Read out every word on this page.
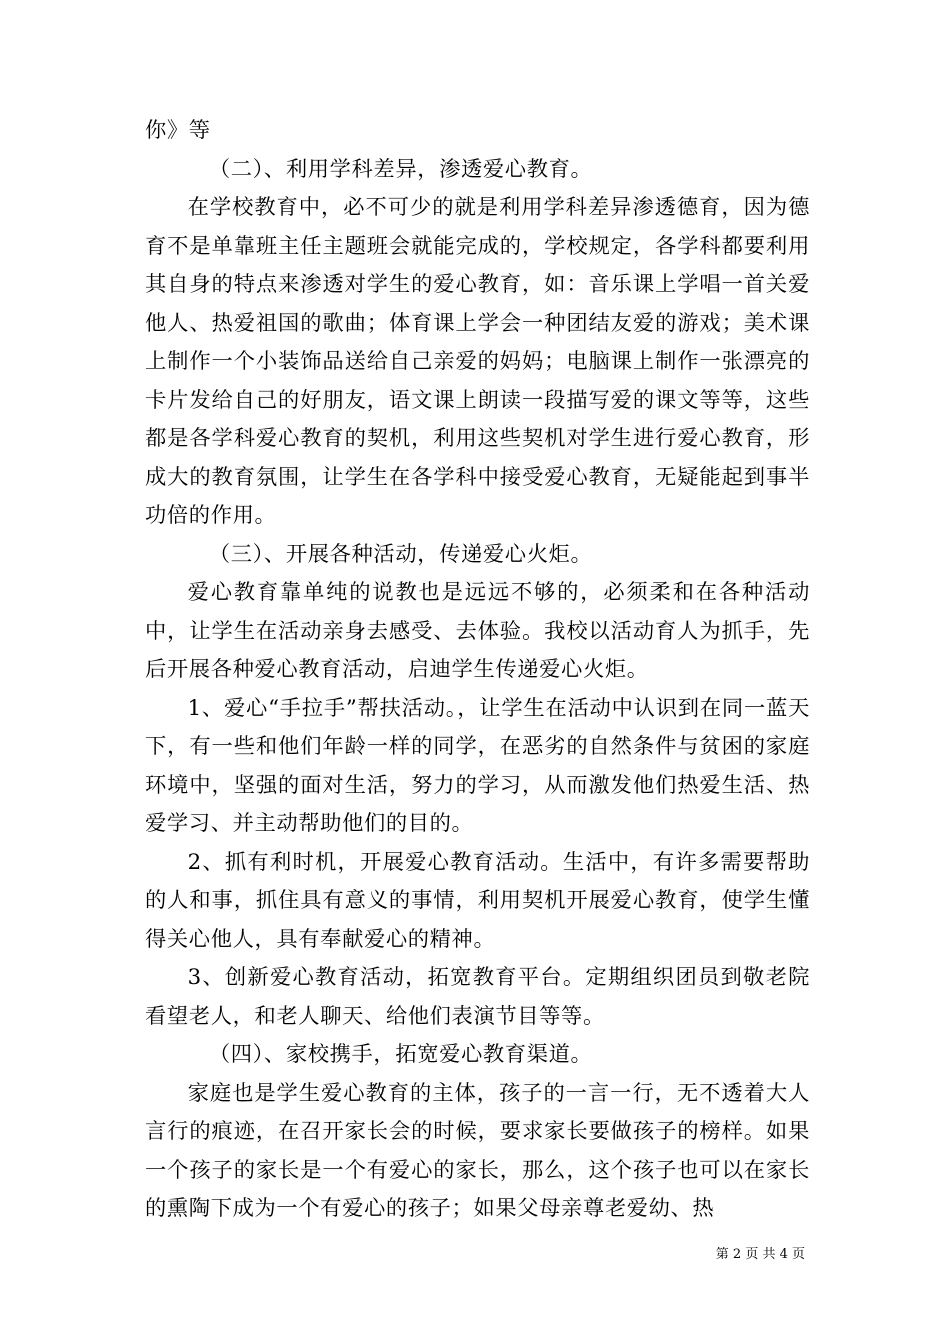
你》等

（二）、利用学科差异，渗透爱心教育。

在学校教育中，必不可少的就是利用学科差异渗透德育，因为德育不是单靠班主任主题班会就能完成的，学校规定，各学科都要利用其自身的特点来渗透对学生的爱心教育，如：音乐课上学唱一首关爱他人、热爱祖国的歌曲；体育课上学会一种团结友爱的游戏；美术课上制作一个小装饰品送给自己亲爱的妈妈；电脑课上制作一张漂亮的卡片发给自己的好朋友，语文课上朗读一段描写爱的课文等等，这些都是各学科爱心教育的契机，利用这些契机对学生进行爱心教育，形成大的教育氛围，让学生在各学科中接受爱心教育，无疑能起到事半功倍的作用。

（三）、开展各种活动，传递爱心火炬。

爱心教育靠单纯的说教也是远远不够的，必须柔和在各种活动中，让学生在活动亲身去感受、去体验。我校以活动育人为抓手，先后开展各种爱心教育活动，启迪学生传递爱心火炬。

1、爱心“手拉手”帮扶活动。，让学生在活动中认识到在同一蓝天下，有一些和他们年龄一样的同学，在恶劣的自然条件与贫困的家庭环境中，坚强的面对生活，努力的学习，从而激发他们热爱生活、热爱学习、并主动帮助他们的目的。

2、抓有利时机，开展爱心教育活动。生活中，有许多需要帮助的人和事，抓住具有意义的事情，利用契机开展爱心教育，使学生懂得关心他人，具有奉献爱心的精神。

3、创新爱心教育活动，拓宽教育平台。定期组织团员到敬老院看望老人，和老人聊天、给他们表演节目等等。

（四）、家校携手，拓宽爱心教育渠道。

家庭也是学生爱心教育的主体，孩子的一言一行，无不透着大人言行的痕迹，在召开家长会的时候，要求家长要做孩子的榜样。如果一个孩子的家长是一个有爱心的家长，那么，这个孩子也可以在家长的熏陶下成为一个有爱心的孩子；如果父母亲尊老爱幼、热

第 2 页 共 4 页
